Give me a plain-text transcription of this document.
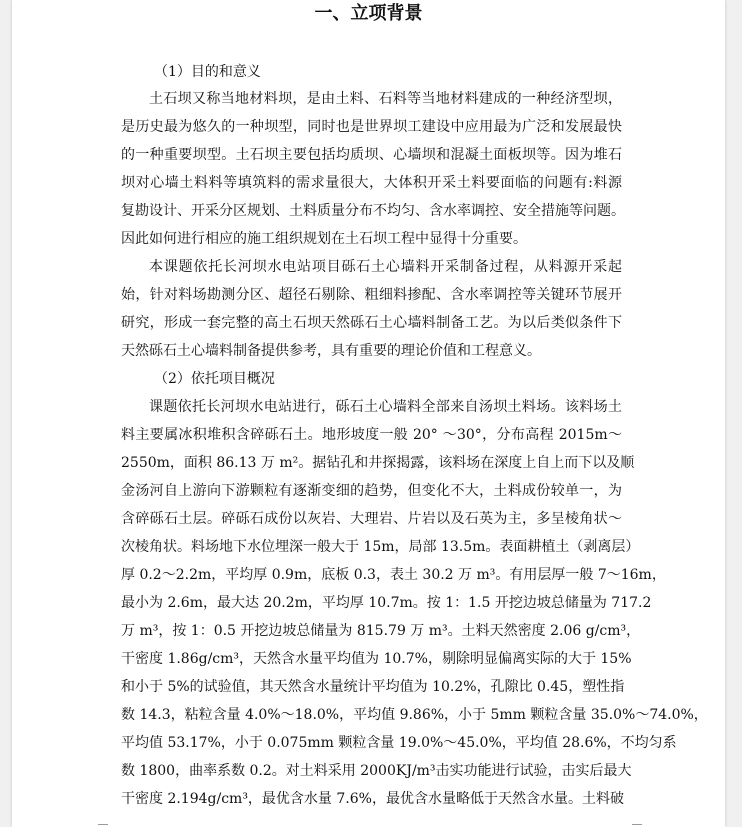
一、立项背景

（1）目的和意义

土石坝又称当地材料坝，是由土料、石料等当地材料建成的一种经济型坝，

是历史最为悠久的一种坝型，同时也是世界坝工建设中应用最为广泛和发展最快

的一种重要坝型。土石坝主要包括均质坝、心墙坝和混凝土面板坝等。因为堆石

坝对心墙土料料等填筑料的需求量很大，大体积开采土料要面临的问题有:料源

复勘设计、开采分区规划、土料质量分布不均匀、含水率调控、安全措施等问题。

因此如何进行相应的施工组织规划在土石坝工程中显得十分重要。

本课题依托长河坝水电站项目砾石土心墙料开采制备过程，从料源开采起

始，针对料场勘测分区、超径石剔除、粗细料掺配、含水率调控等关键环节展开

研究，形成一套完整的高土石坝天然砾石土心墙料制备工艺。为以后类似条件下

天然砾石土心墙料制备提供参考，具有重要的理论价值和工程意义。

（2）依托项目概况

课题依托长河坝水电站进行，砾石土心墙料全部来自汤坝土料场。该料场土

料主要属冰积堆积含碎砾石土。地形坡度一般 20° ～30°，分布高程 2015m～

2550m，面积 86.13 万 m²。据钻孔和井探揭露，该料场在深度上自上而下以及顺

金汤河自上游向下游颗粒有逐渐变细的趋势，但变化不大，土料成份较单一，为

含碎砾石土层。碎砾石成份以灰岩、大理岩、片岩以及石英为主，多呈棱角状～

次棱角状。料场地下水位埋深一般大于 15m，局部 13.5m。表面耕植土（剥离层）

厚 0.2～2.2m，平均厚 0.9m，底板 0.3，表土 30.2 万 m³。有用层厚一般 7～16m，

最小为 2.6m，最大达 20.2m，平均厚 10.7m。按 1：1.5 开挖边坡总储量为 717.2

万 m³，按 1：0.5 开挖边坡总储量为 815.79 万 m³。土料天然密度 2.06 g/cm³，

干密度 1.86g/cm³，天然含水量平均值为 10.7%，剔除明显偏离实际的大于 15%

和小于 5%的试验值，其天然含水量统计平均值为 10.2%，孔隙比 0.45，塑性指

数 14.3，粘粒含量 4.0%～18.0%，平均值 9.86%，小于 5mm 颗粒含量 35.0%～74.0%，

平均值 53.17%，小于 0.075mm 颗粒含量 19.0%～45.0%，平均值 28.6%，不均匀系

数 1800，曲率系数 0.2。对土料采用 2000KJ/m³击实功能进行试验，击实后最大

干密度 2.194g/cm³，最优含水量 7.6%，最优含水量略低于天然含水量。土料破
